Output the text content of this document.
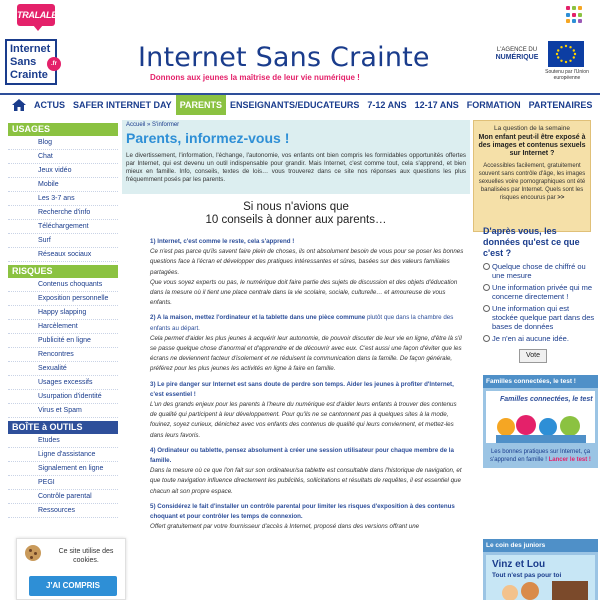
TRALALERE
Internet
Sans
Crainte
.fr	Internet Sans Crainte
Donnons aux jeunes la maîtrise de leur vie numérique !
L'AGENCE DU
NUMÉRIQUE
Soutenu par l'Union européenne
ACTUS SAFER INTERNET DAY PARENTS ENSEIGNANTS/EDUCATEURS 7-12 ANS 12-17 ANS FORMATION PARTENAIRES
USAGES
Blog
Chat
Jeux vidéo
Mobile
Les 3-7 ans
Recherche d'info
Téléchargement
Surf
Réseaux sociaux
RISQUES
Contenus choquants
Exposition personnelle
Happy slapping
Harcèlement
Publicité en ligne
Rencontres
Sexualité
Usages excessifs
Usurpation d'identité
Virus et Spam
BOÎTE à OUTILS
Etudes
Ligne d'assistance
Signalement en ligne
PEGI
Contrôle parental
Ressources
Accueil » S'informer
Parents, informez-vous !
Le divertissement, l'information, l'échange, l'autonomie, vos enfants ont bien compris les formidables opportunités offertes par Internet, qui est devenu un outil indispensable pour grandir. Mais Internet, c'est comme tout, cela s'apprend, et bien mieux en famille. Info, conseils, textes de lois… vous trouverez dans ce site nos réponses aux questions les plus fréquemment posés par les parents.
Si nous n'avions que
10 conseils à donner aux parents…

1) Internet, c'est comme le reste, cela s'apprend !

Ce n'est pas parce qu'ils savent faire plein de choses, ils ont absolument besoin de vous pour se poser les bonnes questions face à l'écran et développer des pratiques intéressantes et sûres, basées sur des valeurs familiales partagées.

Que vous soyez experts ou pas, le numérique doit faire partie des sujets de discussion et des objets d'éducation dans la mesure où il tient une place centrale dans la vie scolaire, sociale, culturelle… et amoureuse de vous enfants.

2) A la maison, mettez l'ordinateur et la tablette dans une pièce commune plutôt que dans la chambre des enfants au départ.

Cela permet d'aider les plus jeunes à acquérir leur autonomie, de pouvoir discuter de leur vie en ligne, d'être là s'il se passe quelque chose d'anormal et d'apprendre et de découvrir avec eux. C'est aussi une façon d'éviter que les écrans ne deviennent facteur d'isolement et ne réduisent la communication dans la famille. De façon générale, préférez pour les plus jeunes les activités en ligne à faire en famille.

3) Le pire danger sur Internet est sans doute de perdre son temps. Aider les jeunes à profiter d'Internet, c'est essentiel !

L'un des grands enjeux pour les parents à l'heure du numérique est d'aider leurs enfants à trouver des contenus de qualité qui participent à leur développement. Pour qu'ils ne se cantonnent pas à quelques sites à la mode, fouinez, soyez curieux, dénichez avec vos enfants des contenus de qualité qui leurs conviennent, et mettez-les dans leurs favoris.

4) Ordinateur ou tablette, pensez absolument à créer une session utilisateur pour chaque membre de la famille.

Dans la mesure où ce que l'on fait sur son ordinateur/sa tablette est consultable dans l'historique de navigation, et que toute navigation influence directement les publicités, sollicitations et résultats de requêtes, il est essentiel que chacun ait son propre espace.

5) Considérez le fait d'installer un contrôle parental pour limiter les risques d'exposition à des contenus choquant et pour contrôler les temps de connexion.

Offert gratuitement par votre fournisseur d'accès à Internet, proposé dans des versions offrant une

La question de la semaine
Mon enfant peut-il être exposé à des images et contenus sexuels sur Internet ?
Accessibles facilement, gratuitement souvent sans contrôle d'âge, les images sexuelles voire pornographiques ont été banalisées par Internet. Quels sont les risques encourus par >>
D'après vous, les données qu'est ce que c'est ?
Quelque chose de chiffré ou une mesure
Une information privée qui me concerne directement !
Une information qui est stockée quelque part dans des bases de données
Je n'en ai aucune idée.
Vote
Familles connectées, le test !
Familles connectées, le test
Les bonnes pratiques sur Internet, ça s'apprend en famille ! Lancer le test !
Le coin des juniors
Vinz et Lou
Tout n'est pas pour toi
Ce site utilise des cookies.
J'AI COMPRIS
